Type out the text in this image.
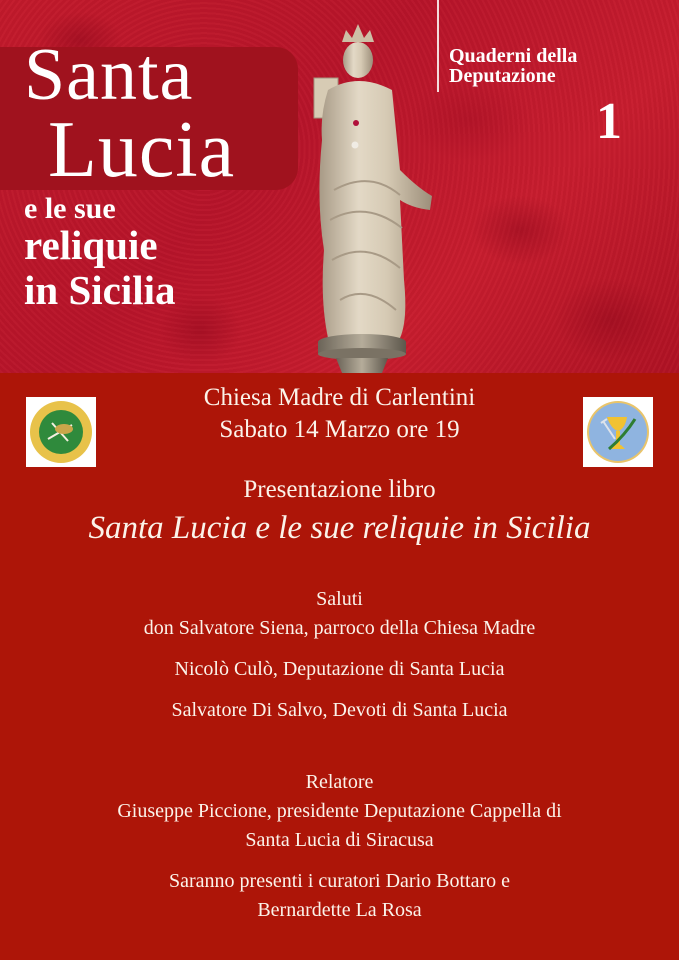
Santa
Lucia
e le sue
reliquie
in Sicilia
Quaderni della
Deputazione
1
Chiesa Madre di Carlentini
Sabato 14 Marzo ore 19
Presentazione libro
Santa Lucia e le sue reliquie in Sicilia
Saluti
don Salvatore Siena, parroco della Chiesa Madre
Nicolò Culò, Deputazione di Santa Lucia
Salvatore Di Salvo, Devoti di Santa Lucia
Relatore
Giuseppe Piccione, presidente Deputazione Cappella di
Santa Lucia di Siracusa
Saranno presenti i curatori Dario Bottaro e
Bernardette La Rosa
